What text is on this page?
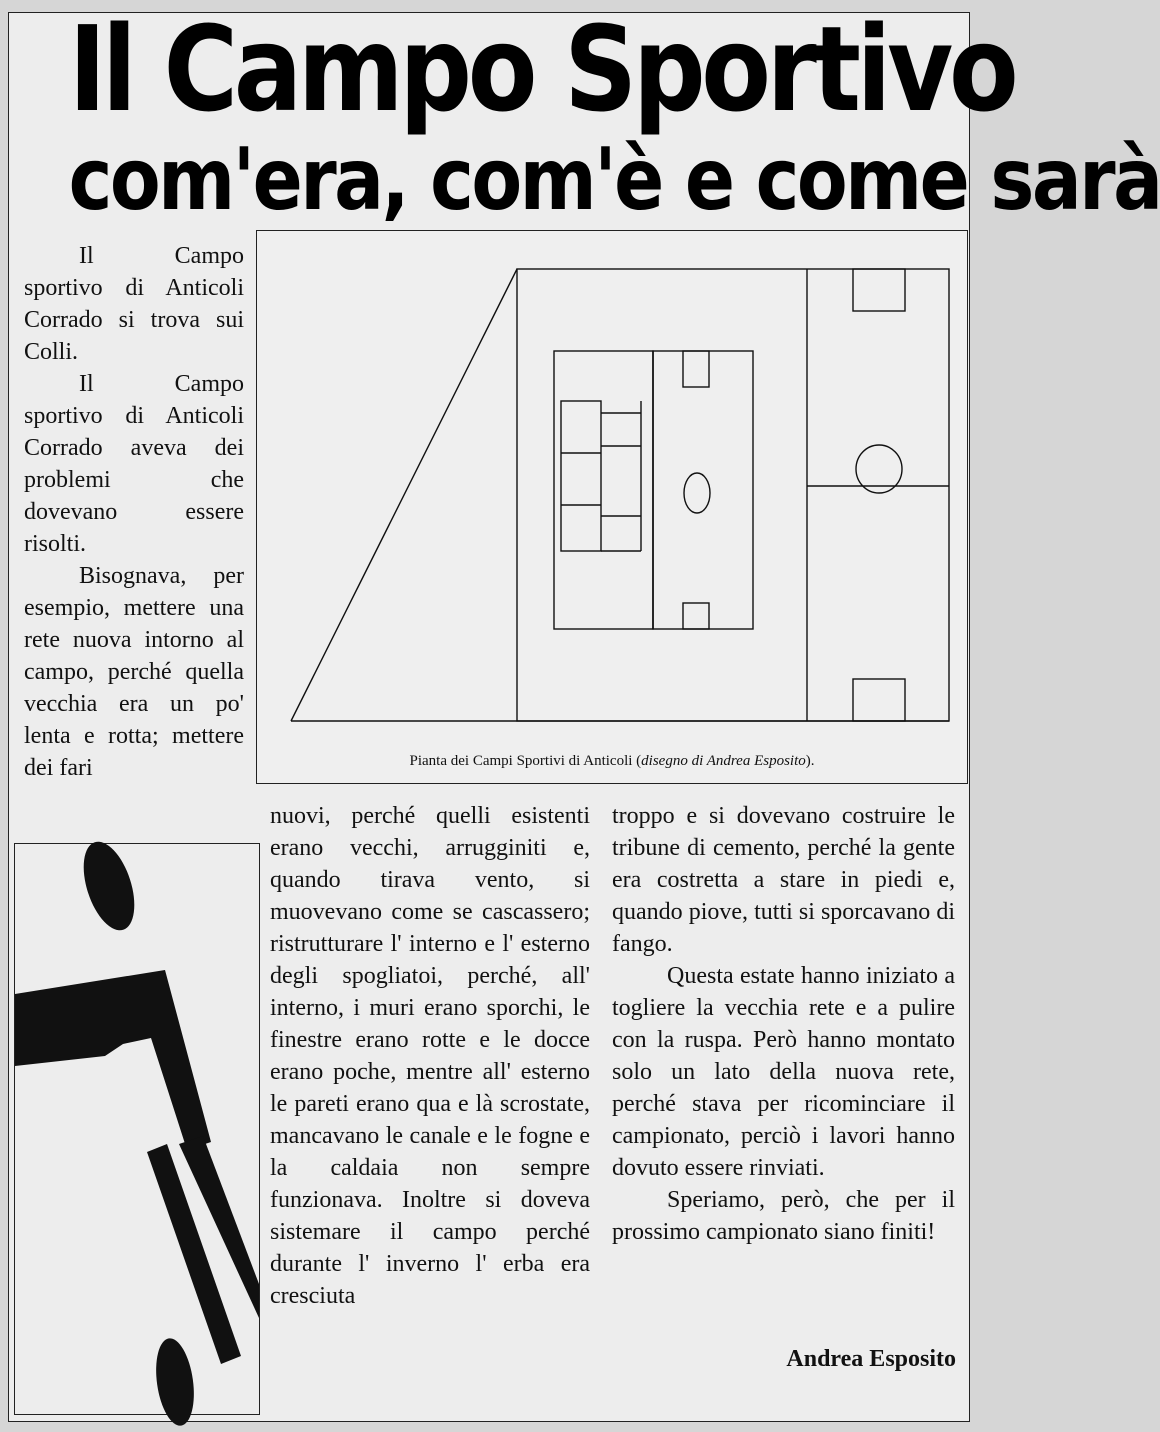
Il Campo Sportivo
com'era, com'è e come sarà

Il Campo sportivo di Anticoli Corrado si trova sui Colli.

Il Campo sportivo di Anticoli Corrado aveva dei problemi che dovevano essere risolti.

Bisognava, per esempio, mettere una rete nuova intorno al campo, perché quella vecchia era un po' lenta e rotta; mettere dei fari	Pianta dei Campi Sportivi di Anticoli (disegno di Andrea Esposito).

nuovi, perché quelli esistenti erano vecchi, arrugginiti e, quando tirava vento, si muovevano come se cascassero; ristrutturare l' interno e l' esterno degli spogliatoi, perché, all' interno, i muri erano sporchi, le finestre erano rotte e le docce erano poche, mentre all' esterno le pareti erano qua e là scrostate, mancavano le canale e le fogne e la caldaia non sempre funzionava. Inoltre si doveva sistemare il campo perché durante l' inverno l' erba era cresciuta

troppo e si dovevano costruire le tribune di cemento, perché la gente era costretta a stare in piedi e, quando piove, tutti si sporcavano di fango.

Questa estate hanno iniziato a togliere la vecchia rete e a pulire con la ruspa. Però hanno montato solo un lato della nuova rete, perché stava per ricominciare il campionato, perciò i lavori hanno dovuto essere rinviati.

Speriamo, però, che per il prossimo campionato siano finiti!

Andrea Esposito
